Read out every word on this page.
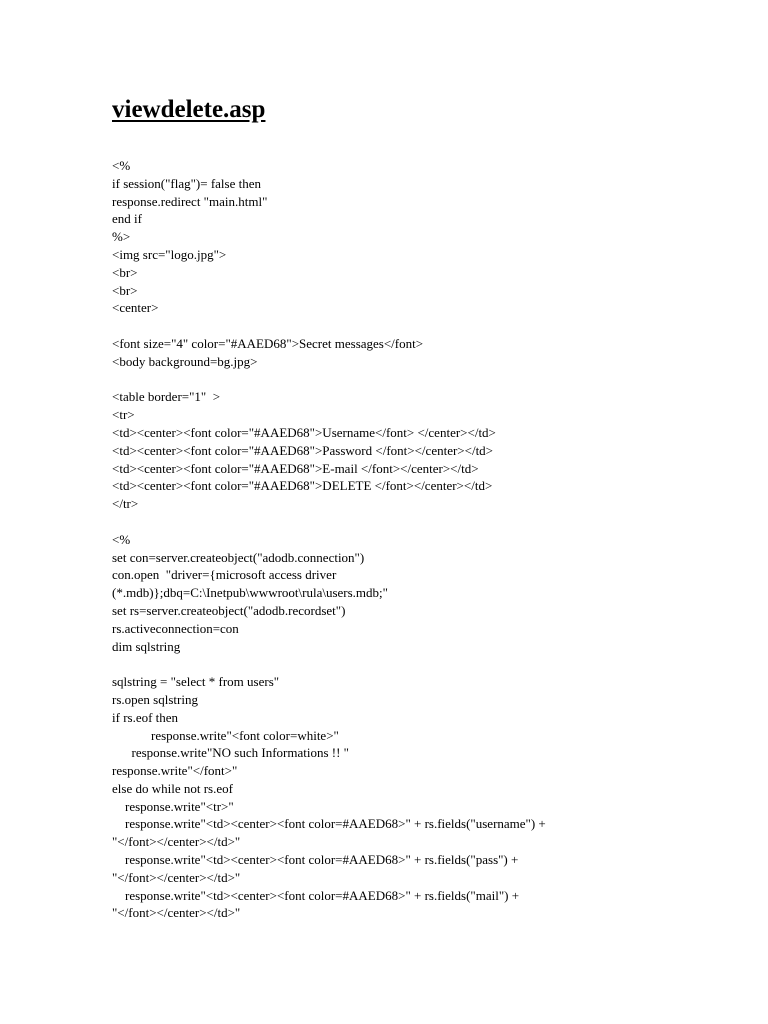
viewdelete.asp
<%
if session("flag")= false then
response.redirect "main.html"
end if
%>
<img src="logo.jpg">
<br>
<br>
<center>
<font size="4" color="#AAED68">Secret messages</font>
<body background=bg.jpg>
<table border="1"  >
<tr>
<td><center><font color="#AAED68">Username</font> </center></td>
<td><center><font color="#AAED68">Password </font></center></td>
<td><center><font color="#AAED68">E-mail </font></center></td>
<td><center><font color="#AAED68">DELETE </font></center></td>
</tr>
<%
set con=server.createobject("adodb.connection")
con.open  "driver={microsoft access driver
(*.mdb)};dbq=C:\Inetpub\wwwroot\rula\users.mdb;"
set rs=server.createobject("adodb.recordset")
rs.activeconnection=con
dim sqlstring
sqlstring = "select * from users"
rs.open sqlstring
if rs.eof then
response.write"<font color=white>"
response.write"NO such Informations !! "
response.write"</font>"
else do while not rs.eof
response.write"<tr>"
response.write"<td><center><font color=#AAED68>" + rs.fields("username") +
"</font></center></td>"
response.write"<td><center><font color=#AAED68>" + rs.fields("pass") +
"</font></center></td>"
response.write"<td><center><font color=#AAED68>" + rs.fields("mail") +
"</font></center></td>"
